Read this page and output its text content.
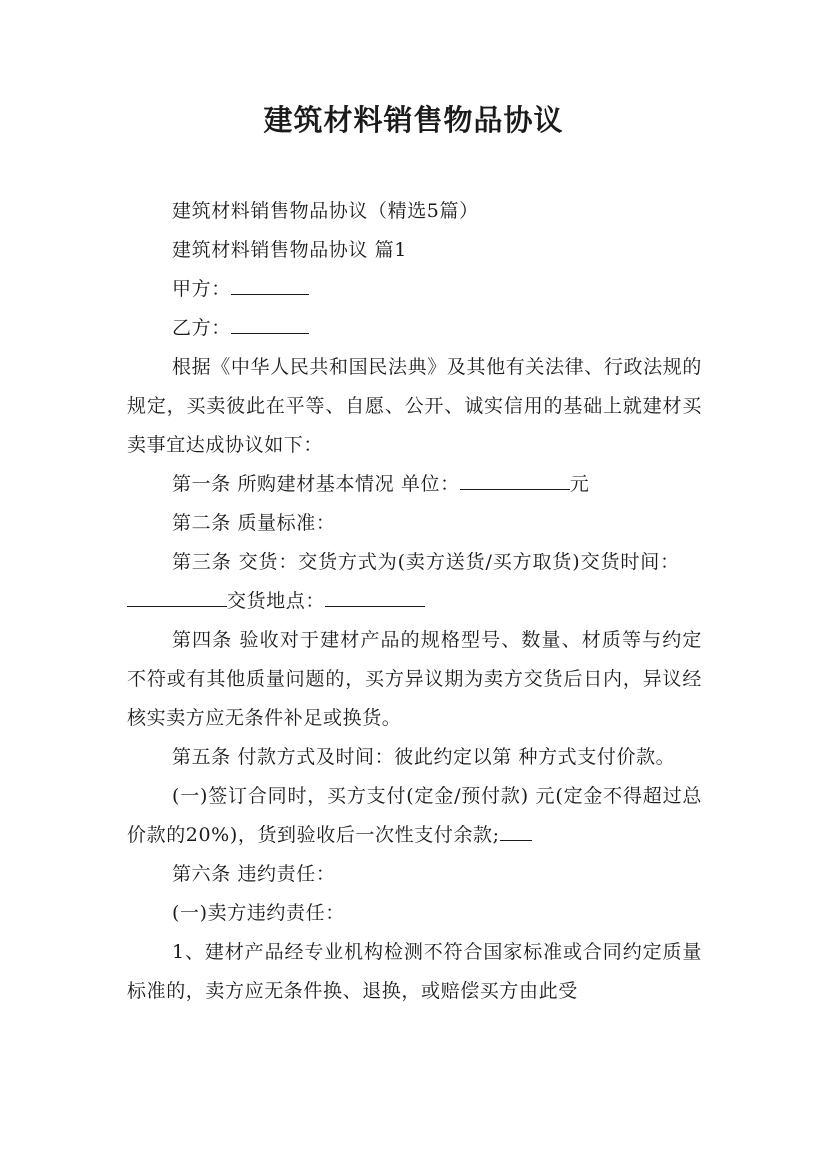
建筑材料销售物品协议

建筑材料销售物品协议（精选5篇）

建筑材料销售物品协议 篇1

甲方：

乙方：

根据《中华人民共和国民法典》及其他有关法律、行政法规的规定，买卖彼此在平等、自愿、公开、诚实信用的基础上就建材买卖事宜达成协议如下：

第一条 所购建材基本情况 单位：	元

第二条 质量标准：

第三条 交货：交货方式为(卖方送货/买方取货)交货时间：交货地点：

第四条 验收对于建材产品的规格型号、数量、材质等与约定不符或有其他质量问题的，买方异议期为卖方交货后日内，异议经核实卖方应无条件补足或换货。

第五条 付款方式及时间：彼此约定以第 种方式支付价款。

(一)签订合同时，买方支付(定金/预付款) 元(定金不得超过总价款的20%)，货到验收后一次性支付余款;

第六条 违约责任：

(一)卖方违约责任：

1、建材产品经专业机构检测不符合国家标准或合同约定质量标准的，卖方应无条件换、退换，或赔偿买方由此受
